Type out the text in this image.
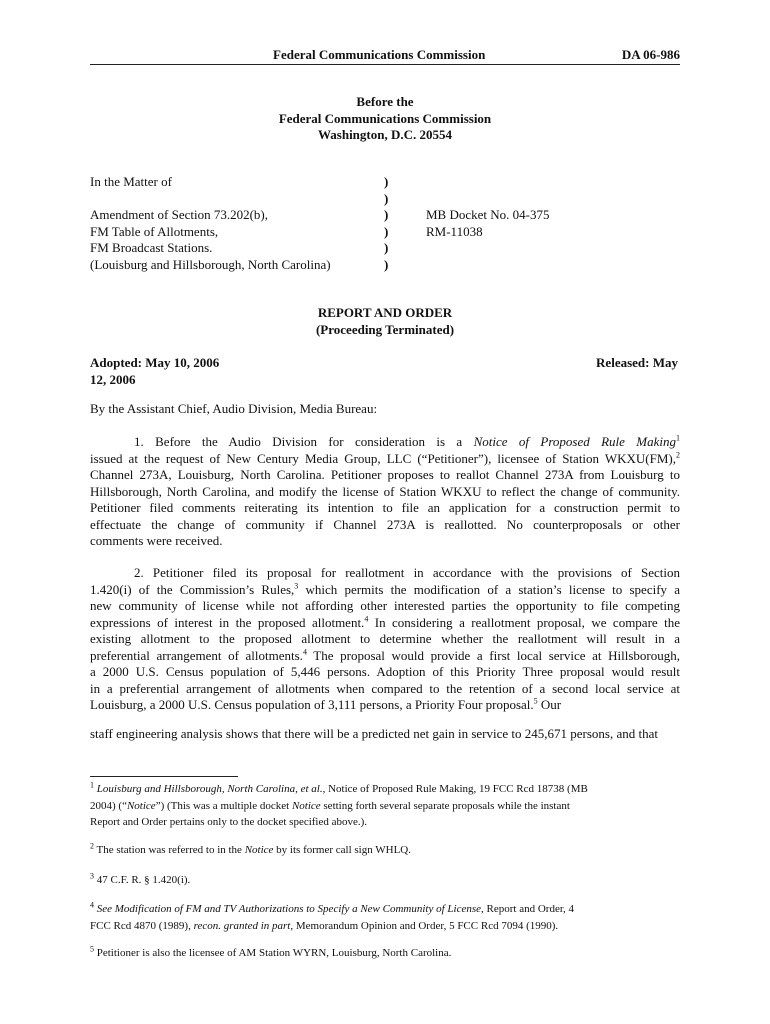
Federal Communications Commission	DA 06-986
Before the
Federal Communications Commission
Washington, D.C. 20554
In the Matter of
Amendment of Section 73.202(b),
FM Table of Allotments,
FM Broadcast Stations.
(Louisburg and Hillsborough, North Carolina)
)
)
)
)
)
)
MB Docket No. 04-375
RM-11038
REPORT AND ORDER
(Proceeding Terminated)
Adopted: May 10, 2006
12, 2006
Released: May
By the Assistant Chief, Audio Division, Media Bureau:
1. Before the Audio Division for consideration is a Notice of Proposed Rule Making$^1$
issued at the request of New Century Media Group, LLC (“Petitioner”), licensee of Station WKXU(FM),$^2$
Channel 273A, Louisburg, North Carolina. Petitioner proposes to reallot Channel 273A from Louisburg to
Hillsborough, North Carolina, and modify the license of Station WKXU to reflect the change of community.
Petitioner filed comments reiterating its intention to file an application for a construction permit to
effectuate the change of community if Channel 273A is reallotted. No counterproposals or other
comments were received.
2. Petitioner filed its proposal for reallotment in accordance with the provisions of Section
1.420(i) of the Commission’s Rules,$^3$ which permits the modification of a station’s license to specify a
new community of license while not affording other interested parties the opportunity to file competing
expressions of interest in the proposed allotment.$^4$ In considering a reallotment proposal, we compare the
existing allotment to the proposed allotment to determine whether the reallotment will result in a
preferential arrangement of allotments.$^4$ The proposal would provide a first local service at Hillsborough,
a 2000 U.S. Census population of 5,446 persons. Adoption of this Priority Three proposal would result
in a preferential arrangement of allotments when compared to the retention of a second local service at
Louisburg, a 2000 U.S. Census population of 3,111 persons, a Priority Four proposal.$^5$ Our
staff engineering analysis shows that there will be a predicted net gain in service to 245,671 persons, and that
$^1$ Louisburg and Hillsborough, North Carolina, et al., Notice of Proposed Rule Making, 19 FCC Rcd 18738 (MB
2004) (“Notice”) (This was a multiple docket Notice setting forth several separate proposals while the instant
Report and Order pertains only to the docket specified above.).
$^2$ The station was referred to in the Notice by its former call sign WHLQ.
$^3$ 47 C.F. R. § 1.420(i).
$^4$ See Modification of FM and TV Authorizations to Specify a New Community of License, Report and Order, 4
FCC Rcd 4870 (1989), recon. granted in part, Memorandum Opinion and Order, 5 FCC Rcd 7094 (1990).
$^5$ Petitioner is also the licensee of AM Station WYRN, Louisburg, North Carolina.
